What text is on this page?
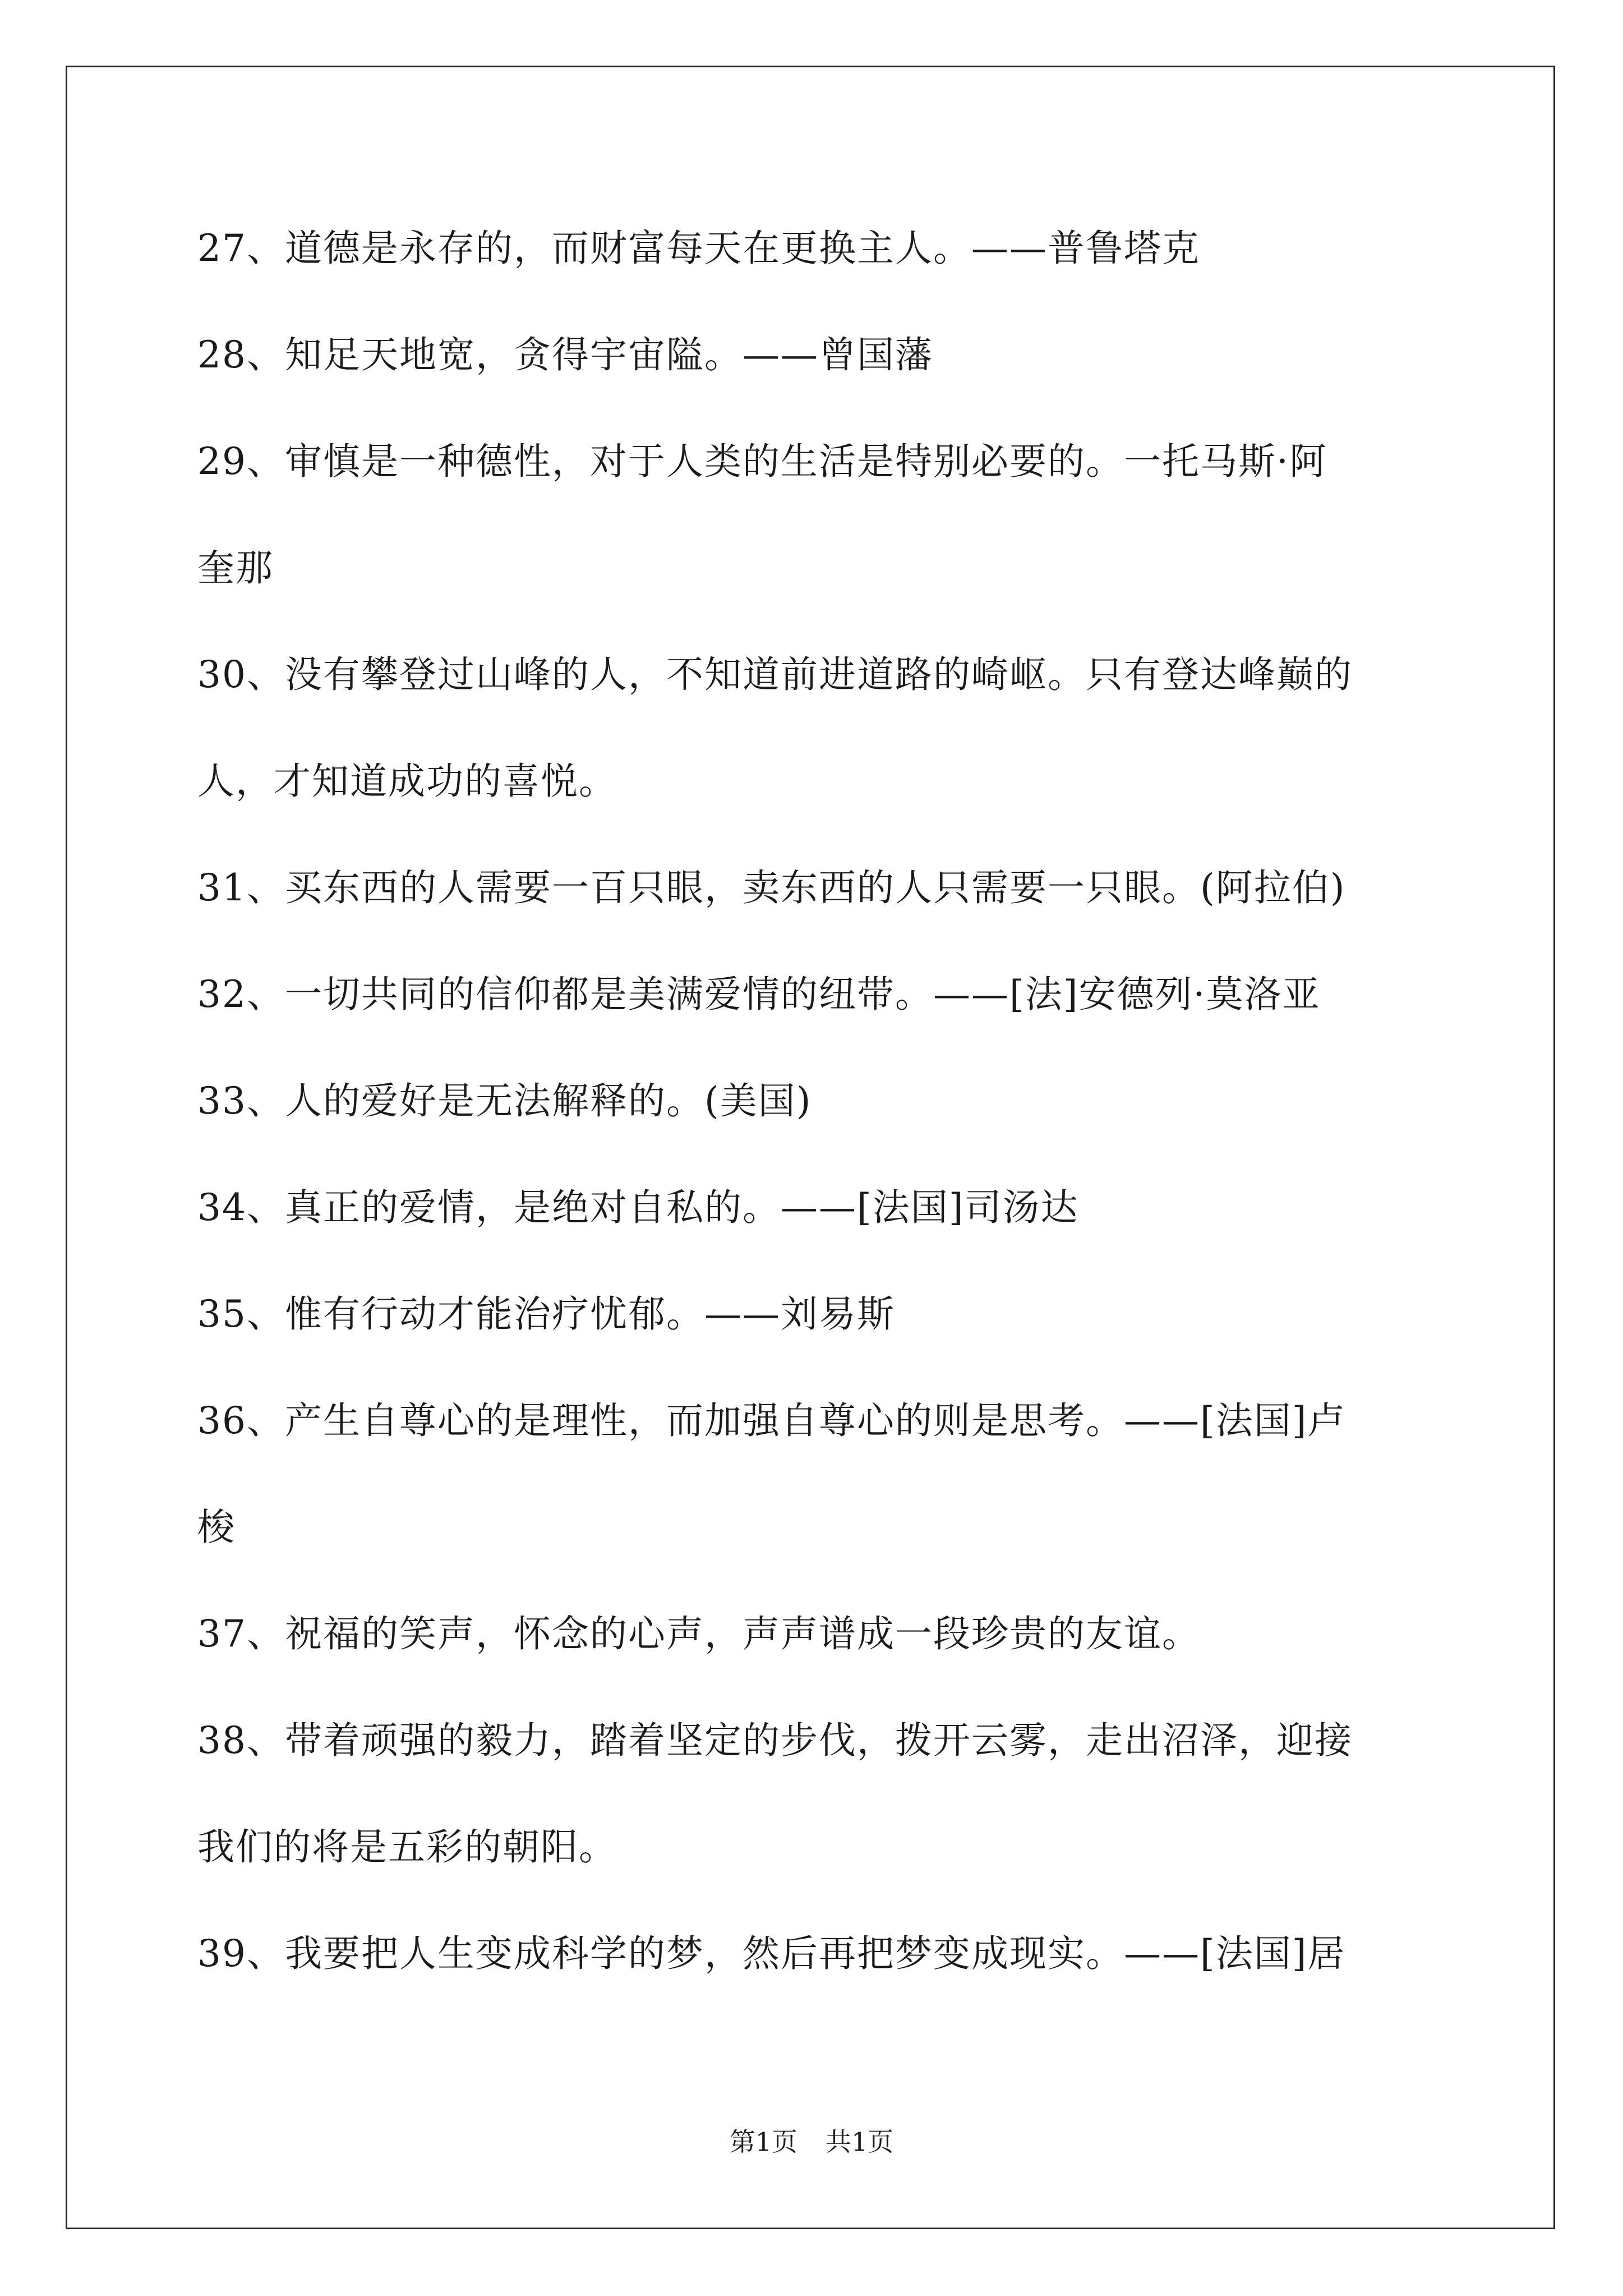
27、道德是永存的，而财富每天在更换主人。——普鲁塔克
28、知足天地宽，贪得宇宙隘。——曾国藩
29、审慎是一种德性，对于人类的生活是特别必要的。一托马斯·阿
奎那
30、没有攀登过山峰的人，不知道前进道路的崎岖。只有登达峰巅的
人，才知道成功的喜悦。
31、买东西的人需要一百只眼，卖东西的人只需要一只眼。(阿拉伯)
32、一切共同的信仰都是美满爱情的纽带。——[法]安德列·莫洛亚
33、人的爱好是无法解释的。(美国)
34、真正的爱情，是绝对自私的。——[法国]司汤达
35、惟有行动才能治疗忧郁。——刘易斯
36、产生自尊心的是理性，而加强自尊心的则是思考。——[法国]卢
梭
37、祝福的笑声，怀念的心声，声声谱成一段珍贵的友谊。
38、带着顽强的毅力，踏着坚定的步伐，拨开云雾，走出沼泽，迎接
我们的将是五彩的朝阳。
39、我要把人生变成科学的梦，然后再把梦变成现实。——[法国]居
第1页 共1页
